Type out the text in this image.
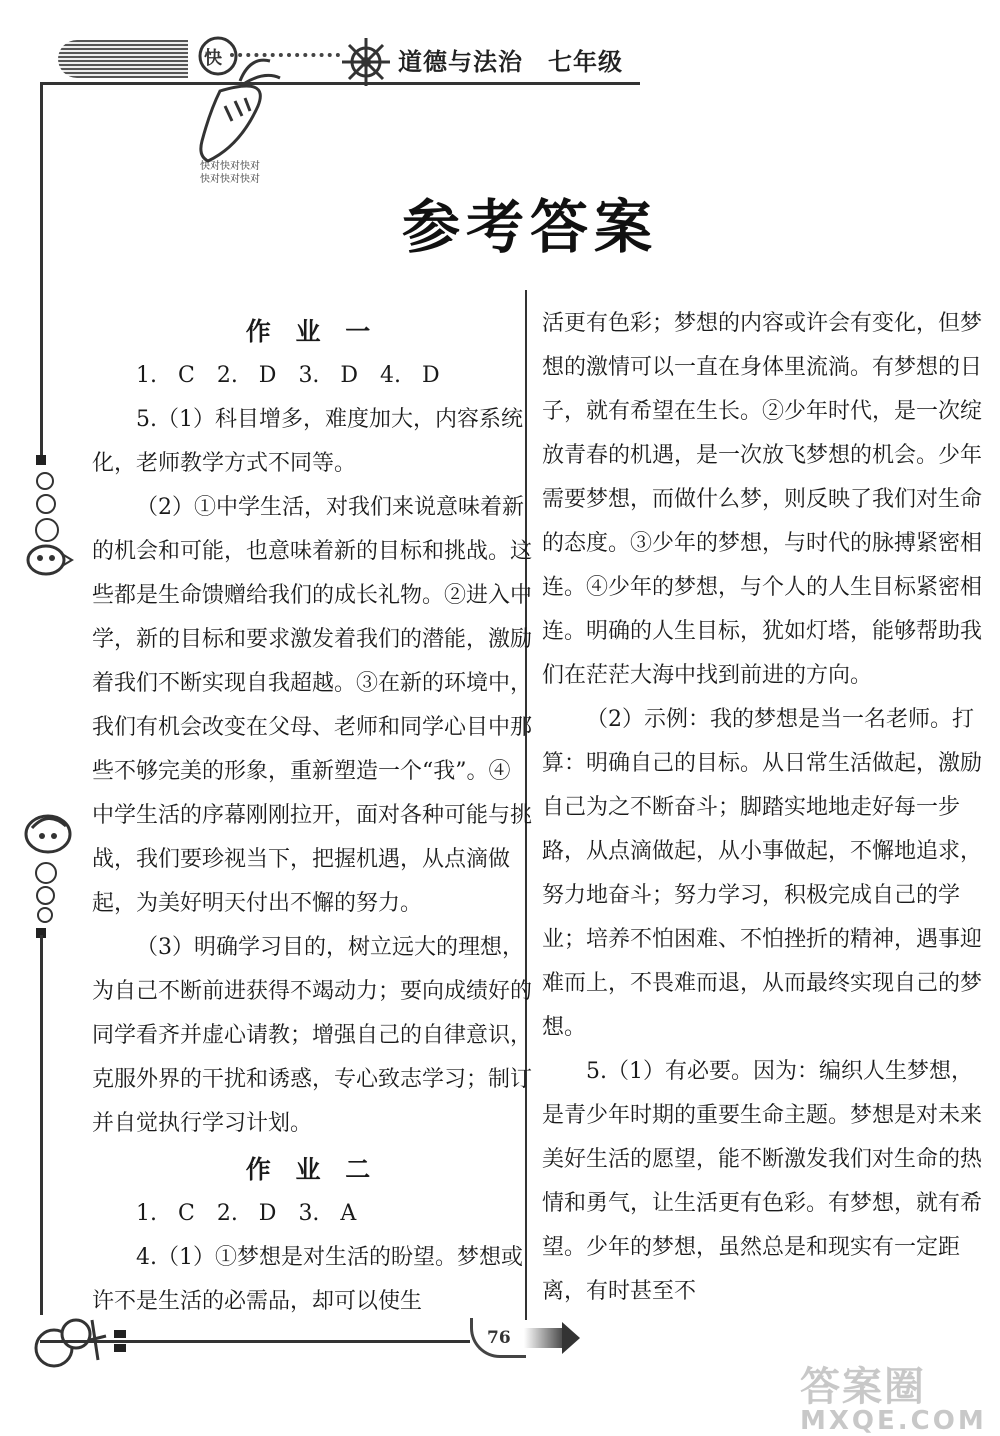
快	道德与法治　七年级
快对快对快对
快对快对快对
参考答案

作 业 一

1. C　2. D　3. D　4. D

5.（1）科目增多，难度加大，内容系统化，老师教学方式不同等。

（2）①中学生活，对我们来说意味着新的机会和可能，也意味着新的目标和挑战。这些都是生命馈赠给我们的成长礼物。②进入中学，新的目标和要求激发着我们的潜能，激励着我们不断实现自我超越。③在新的环境中，我们有机会改变在父母、老师和同学心目中那些不够完美的形象，重新塑造一个“我”。④中学生活的序幕刚刚拉开，面对各种可能与挑战，我们要珍视当下，把握机遇，从点滴做起，为美好明天付出不懈的努力。

（3）明确学习目的，树立远大的理想，为自己不断前进获得不竭动力；要向成绩好的同学看齐并虚心请教；增强自己的自律意识，克服外界的干扰和诱惑，专心致志学习；制订并自觉执行学习计划。

作 业 二

1. C　2. D　3. A

4.（1）①梦想是对生活的盼望。梦想或许不是生活的必需品，却可以使生

活更有色彩；梦想的内容或许会有变化，但梦想的激情可以一直在身体里流淌。有梦想的日子，就有希望在生长。②少年时代，是一次绽放青春的机遇，是一次放飞梦想的机会。少年需要梦想，而做什么梦，则反映了我们对生命的态度。③少年的梦想，与时代的脉搏紧密相连。④少年的梦想，与个人的人生目标紧密相连。明确的人生目标，犹如灯塔，能够帮助我们在茫茫大海中找到前进的方向。

（2）示例：我的梦想是当一名老师。打算：明确自己的目标。从日常生活做起，激励自己为之不断奋斗；脚踏实地地走好每一步路，从点滴做起，从小事做起，不懈地追求，努力地奋斗；努力学习，积极完成自己的学业；培养不怕困难、不怕挫折的精神，遇事迎难而上，不畏难而退，从而最终实现自己的梦想。

5.（1）有必要。因为：编织人生梦想，是青少年时期的重要生命主题。梦想是对未来美好生活的愿望，能不断激发我们对生命的热情和勇气，让生活更有色彩。有梦想，就有希望。少年的梦想，虽然总是和现实有一定距离，有时甚至不

76
答案圈
MXQE.COM
